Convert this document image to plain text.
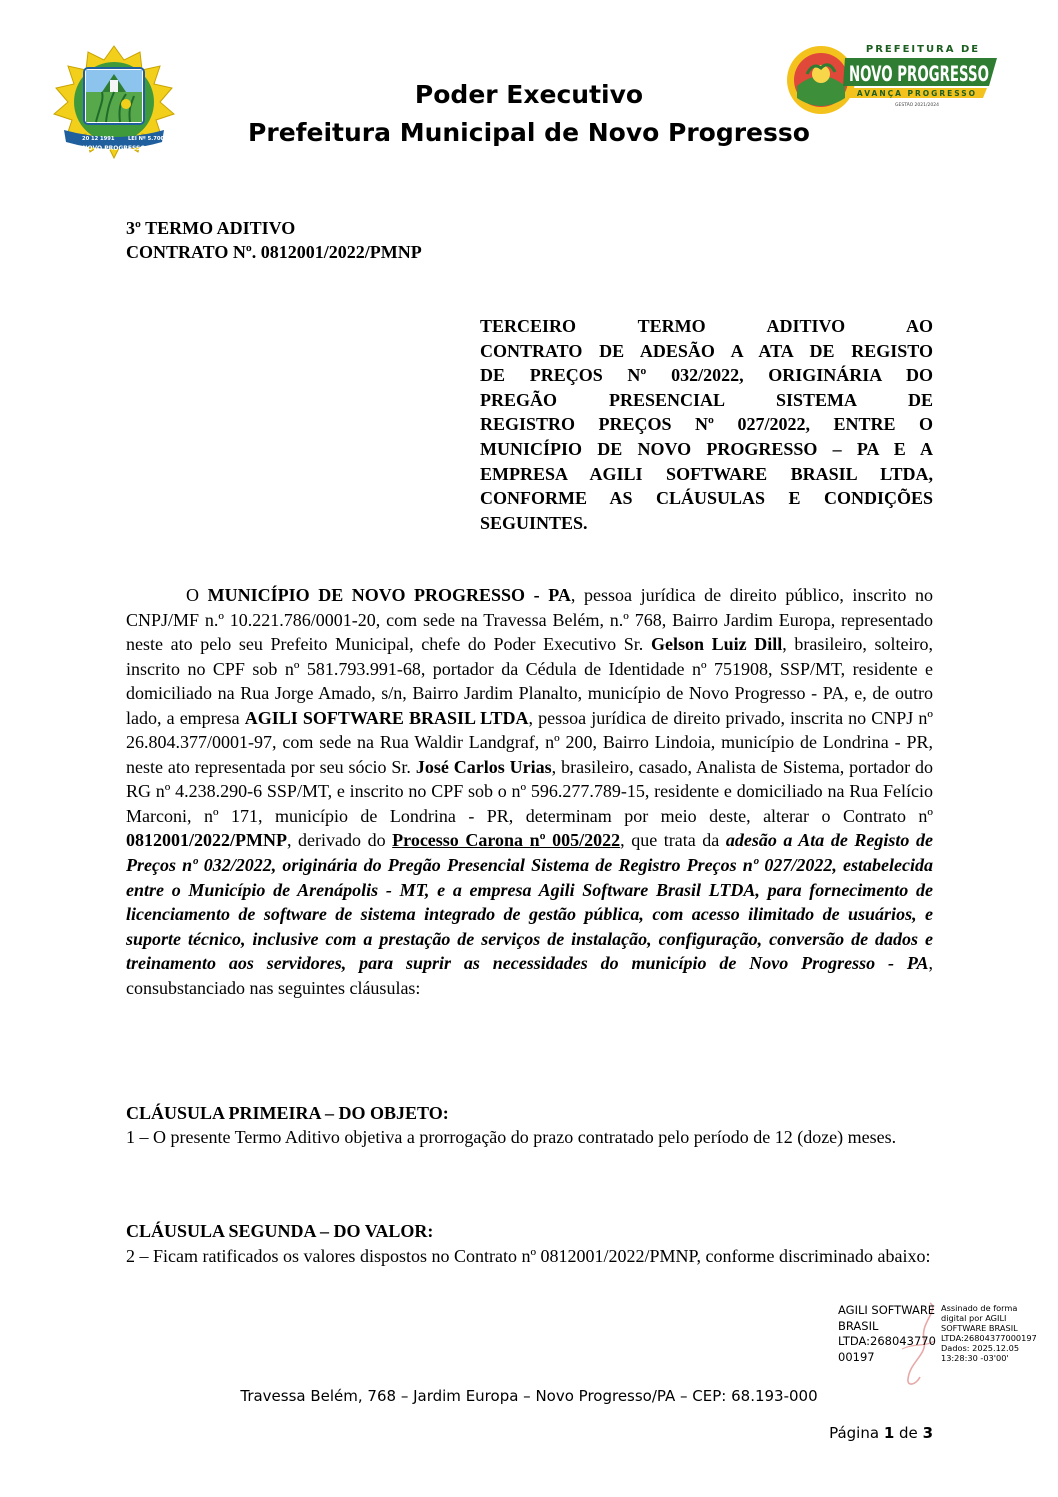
20 12 1991	LEI Nº 5.700
NOVO PROGRESSO
PREFEITURA DE
NOVO PROGRESSO
AVANÇA PROGRESSO
GESTÃO 2021/2024
Poder Executivo
Prefeitura Municipal de Novo Progresso
3º TERMO ADITIVO
CONTRATO Nº. 0812001/2022/PMNP
TERCEIRO TERMO ADITIVO AO
CONTRATO DE ADESÃO A ATA DE REGISTO
DE PREÇOS Nº 032/2022, ORIGINÁRIA DO
PREGÃO PRESENCIAL SISTEMA DE
REGISTRO PREÇOS Nº 027/2022, ENTRE O
MUNICÍPIO DE NOVO PROGRESSO – PA E A
EMPRESA AGILI SOFTWARE BRASIL LTDA,
CONFORME AS CLÁUSULAS E CONDIÇÕES
SEGUINTES.
O MUNICÍPIO DE NOVO PROGRESSO - PA, pessoa jurídica de direito público, inscrito no CNPJ/MF n.º 10.221.786/0001-20, com sede na Travessa Belém, n.º 768, Bairro Jardim Europa, representado neste ato pelo seu Prefeito Municipal, chefe do Poder Executivo Sr. Gelson Luiz Dill, brasileiro, solteiro, inscrito no CPF sob nº 581.793.991-68, portador da Cédula de Identidade nº 751908, SSP/MT, residente e domiciliado na Rua Jorge Amado, s/n, Bairro Jardim Planalto, município de Novo Progresso - PA, e, de outro lado, a empresa AGILI SOFTWARE BRASIL LTDA, pessoa jurídica de direito privado, inscrita no CNPJ nº 26.804.377/0001-97, com sede na Rua Waldir Landgraf, nº 200, Bairro Lindoia, município de Londrina - PR, neste ato representada por seu sócio Sr. José Carlos Urias, brasileiro, casado, Analista de Sistema, portador do RG nº 4.238.290-6 SSP/MT, e inscrito no CPF sob o nº 596.277.789-15, residente e domiciliado na Rua Felício Marconi, nº 171, município de Londrina - PR, determinam por meio deste, alterar o Contrato nº 0812001/2022/PMNP, derivado do Processo Carona nº 005/2022, que trata da adesão a Ata de Registo de Preços nº 032/2022, originária do Pregão Presencial Sistema de Registro Preços nº 027/2022, estabelecida entre o Município de Arenápolis - MT, e a empresa Agili Software Brasil LTDA, para fornecimento de licenciamento de software de sistema integrado de gestão pública, com acesso ilimitado de usuários, e suporte técnico, inclusive com a prestação de serviços de instalação, configuração, conversão de dados e treinamento aos servidores, para suprir as necessidades do município de Novo Progresso - PA, consubstanciado nas seguintes cláusulas:
CLÁUSULA PRIMEIRA – DO OBJETO:
1 – O presente Termo Aditivo objetiva a prorrogação do prazo contratado pelo período de 12 (doze) meses.
CLÁUSULA SEGUNDA – DO VALOR:
2 – Ficam ratificados os valores dispostos no Contrato nº 0812001/2022/PMNP, conforme discriminado abaixo:
AGILI SOFTWARE
BRASIL
LTDA:268043770
00197
Assinado de forma
digital por AGILI
SOFTWARE BRASIL
LTDA:26804377000197
Dados: 2025.12.05
13:28:30 -03'00'
Travessa Belém, 768 – Jardim Europa – Novo Progresso/PA – CEP: 68.193-000
Página 1 de 3
